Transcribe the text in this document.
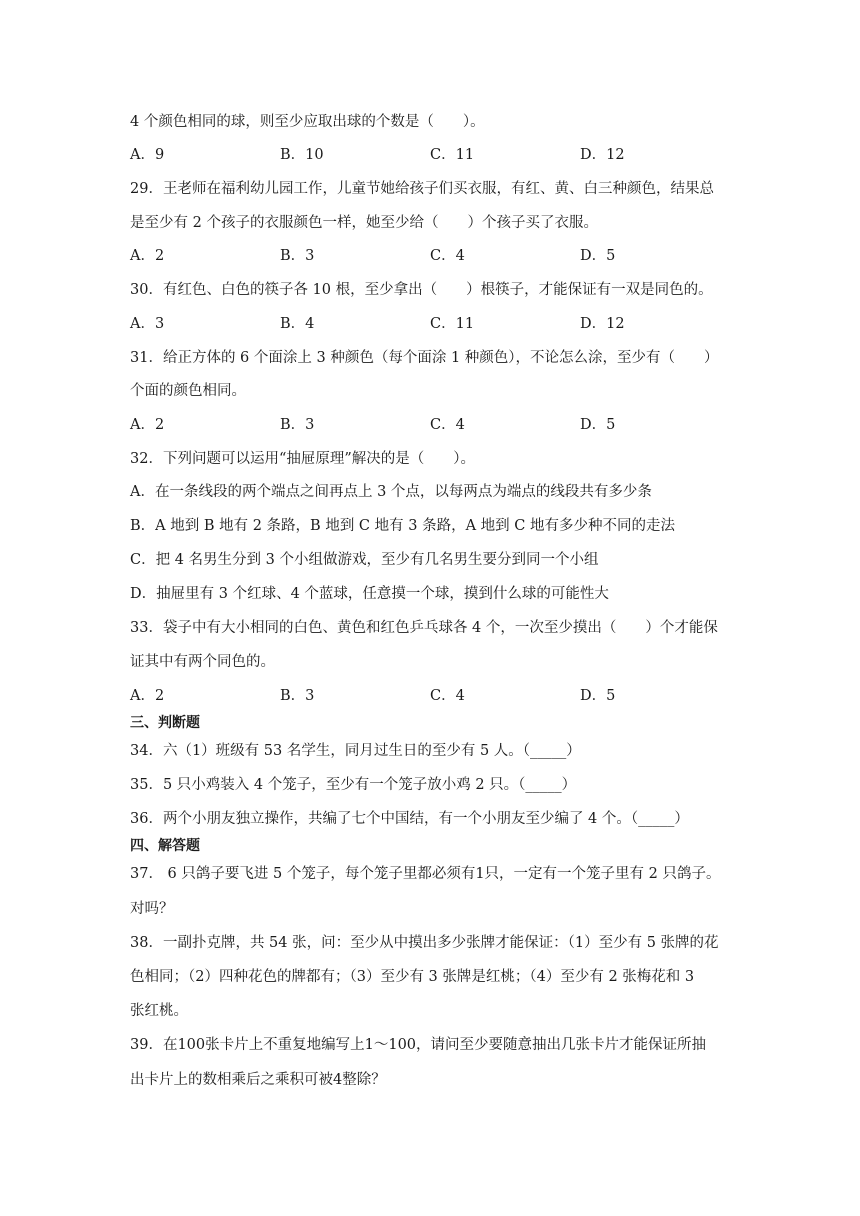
4 个颜色相同的球，则至少应取出球的个数是（　　）。
A．9	B．10	C．11	D．12
29．王老师在福利幼儿园工作，儿童节她给孩子们买衣服，有红、黄、白三种颜色，结果总
是至少有 2 个孩子的衣服颜色一样，她至少给（　　）个孩子买了衣服。
A．2	B．3	C．4	D．5
30．有红色、白色的筷子各 10 根，至少拿出（　　）根筷子，才能保证有一双是同色的。
A．3	B．4	C．11	D．12
31．给正方体的 6 个面涂上 3 种颜色（每个面涂 1 种颜色），不论怎么涂，至少有（　　）
个面的颜色相同。
A．2	B．3	C．4	D．5
32．下列问题可以运用“抽屉原理”解决的是（　　）。
A．在一条线段的两个端点之间再点上 3 个点，以每两点为端点的线段共有多少条
B．A 地到 B 地有 2 条路，B 地到 C 地有 3 条路，A 地到 C 地有多少种不同的走法
C．把 4 名男生分到 3 个小组做游戏，至少有几名男生要分到同一个小组
D．抽屉里有 3 个红球、4 个蓝球，任意摸一个球，摸到什么球的可能性大
33．袋子中有大小相同的白色、黄色和红色乒乓球各 4 个，一次至少摸出（　　）个才能保
证其中有两个同色的。
A．2	B．3	C．4	D．5
三、判断题
34．六（1）班级有 53 名学生，同月过生日的至少有 5 人。（_____）
35．5 只小鸡装入 4 个笼子，至少有一个笼子放小鸡 2 只。（_____）
36．两个小朋友独立操作，共编了七个中国结，有一个小朋友至少编了 4 个。（_____）
四、解答题
37． 6 只鸽子要飞进 5 个笼子，每个笼子里都必须有1只，一定有一个笼子里有 2 只鸽子。
对吗？
38．一副扑克牌，共 54 张，问：至少从中摸出多少张牌才能保证：（1）至少有 5 张牌的花
色相同；（2）四种花色的牌都有；（3）至少有 3 张牌是红桃；（4）至少有 2 张梅花和 3
张红桃。
39．在100张卡片上不重复地编写上1～100，请问至少要随意抽出几张卡片才能保证所抽
出卡片上的数相乘后之乘积可被4整除？
